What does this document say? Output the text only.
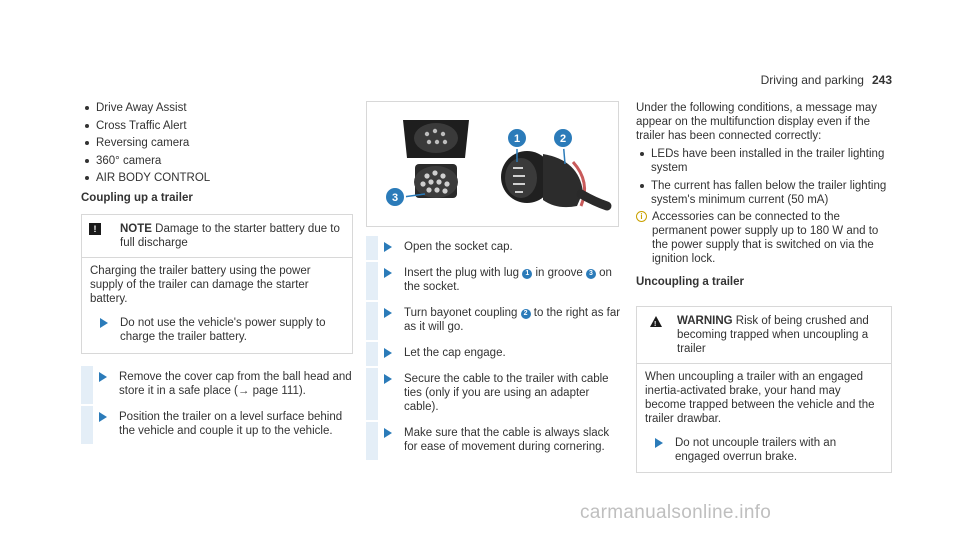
Driving and parking 243
Drive Away Assist
Cross Traffic Alert
Reversing camera
360° camera
AIR BODY CONTROL
Coupling up a trailer
!	NOTE Damage to the starter battery due to full discharge
Charging the trailer battery using the power supply of the trailer can damage the starter battery.
Do not use the vehicle's power supply to charge the trailer battery.
Remove the cover cap from the ball head and store it in a safe place (→ page 111).
Position the trailer on a level surface behind the vehicle and couple it up to the vehicle.
1	2
3
Open the socket cap.
Insert the plug with lug 1 in groove 3 on the socket.
Turn bayonet coupling 2 to the right as far as it will go.
Let the cap engage.
Secure the cable to the trailer with cable ties (only if you are using an adapter cable).
Make sure that the cable is always slack for ease of movement during cornering.
Under the following conditions, a message may appear on the multifunction display even if the trailer has been connected correctly:
LEDs have been installed in the trailer lighting system
The current has fallen below the trailer lighting system's minimum current (50 mA)
i Accessories can be connected to the permanent power supply up to 180 W and to the power supply that is switched on via the ignition lock.
Uncoupling a trailer
! WARNING Risk of being crushed and becoming trapped when uncoupling a trailer
When uncoupling a trailer with an engaged inertia-activated brake, your hand may become trapped between the vehicle and the trailer drawbar.
Do not uncouple trailers with an engaged overrun brake.
carmanualsonline.info
